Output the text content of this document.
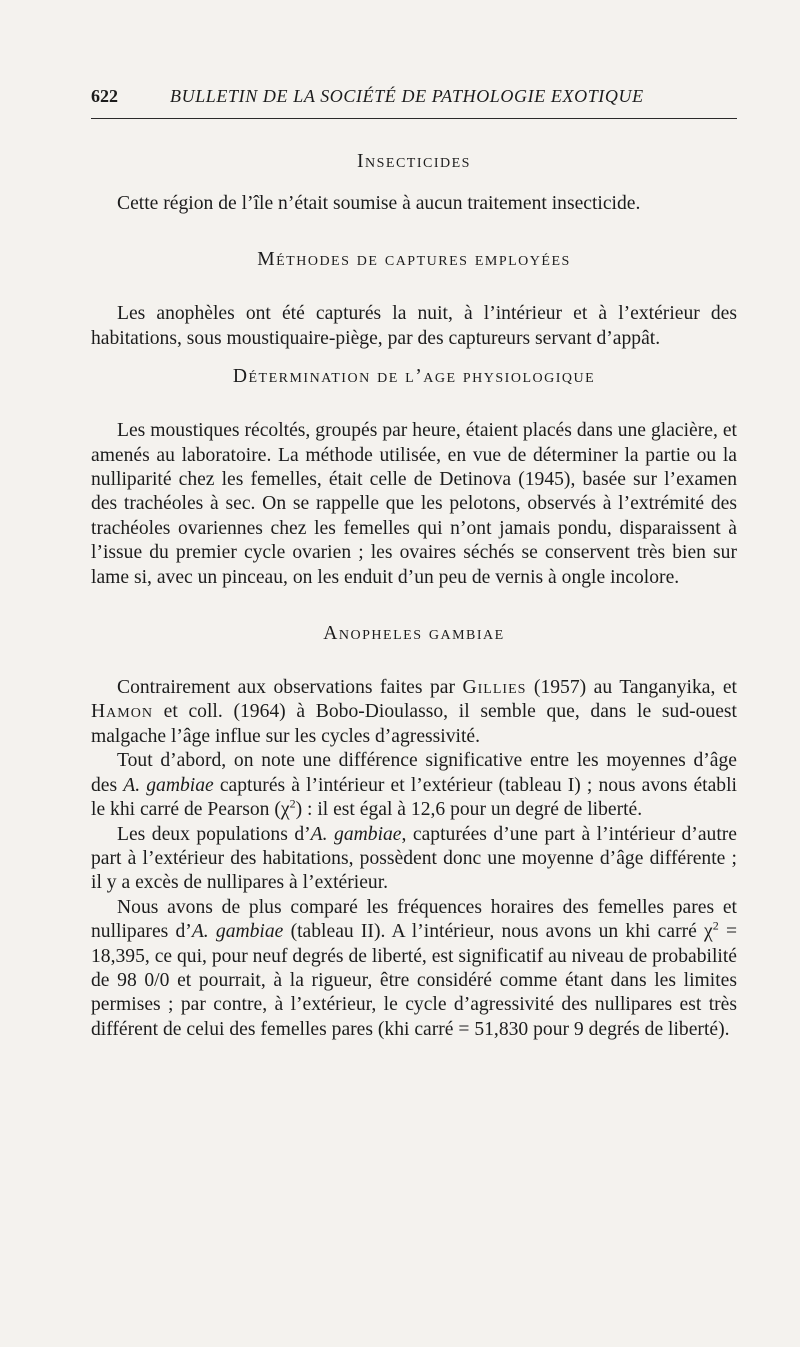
622	BULLETIN DE LA SOCIÉTÉ DE PATHOLOGIE EXOTIQUE
Insecticides

Cette région de l’île n’était soumise à aucun traitement insecticide.

Méthodes de captures employées

Les anophèles ont été capturés la nuit, à l’intérieur et à l’extérieur des habitations, sous moustiquaire-piège, par des captureurs servant d’appât.

Détermination de l’age physiologique

Les moustiques récoltés, groupés par heure, étaient placés dans une glacière, et amenés au laboratoire. La méthode utilisée, en vue de déterminer la partie ou la nulliparité chez les femelles, était celle de Detinova (1945), basée sur l’examen des trachéoles à sec. On se rappelle que les pelotons, observés à l’extrémité des trachéoles ovariennes chez les femelles qui n’ont jamais pondu, disparaissent à l’issue du premier cycle ovarien ; les ovaires séchés se conservent très bien sur lame si, avec un pinceau, on les enduit d’un peu de vernis à ongle incolore.

Anopheles gambiae

Contrairement aux observations faites par Gillies (1957) au Tanganyika, et Hamon et coll. (1964) à Bobo-Dioulasso, il semble que, dans le sud-ouest malgache l’âge influe sur les cycles d’agressivité.

Tout d’abord, on note une différence significative entre les moyennes d’âge des A. gambiae capturés à l’intérieur et l’extérieur (tableau I) ; nous avons établi le khi carré de Pearson $(\chi^2)$ : il est égal à 12,6 pour un degré de liberté.

Les deux populations d’A. gambiae, capturées d’une part à l’intérieur d’autre part à l’extérieur des habitations, possèdent donc une moyenne d’âge différente ; il y a excès de nullipares à l’extérieur.

Nous avons de plus comparé les fréquences horaires des femelles pares et nullipares d’A. gambiae (tableau II). A l’intérieur, nous avons un khi carré $\chi^2 = 18,395$, ce qui, pour neuf degrés de liberté, est significatif au niveau de probabilité de 98 0/0 et pourrait, à la rigueur, être considéré comme étant dans les limites permises ; par contre, à l’extérieur, le cycle d’agressivité des nullipares est très différent de celui des femelles pares (khi carré = 51,830 pour 9 degrés de liberté).
